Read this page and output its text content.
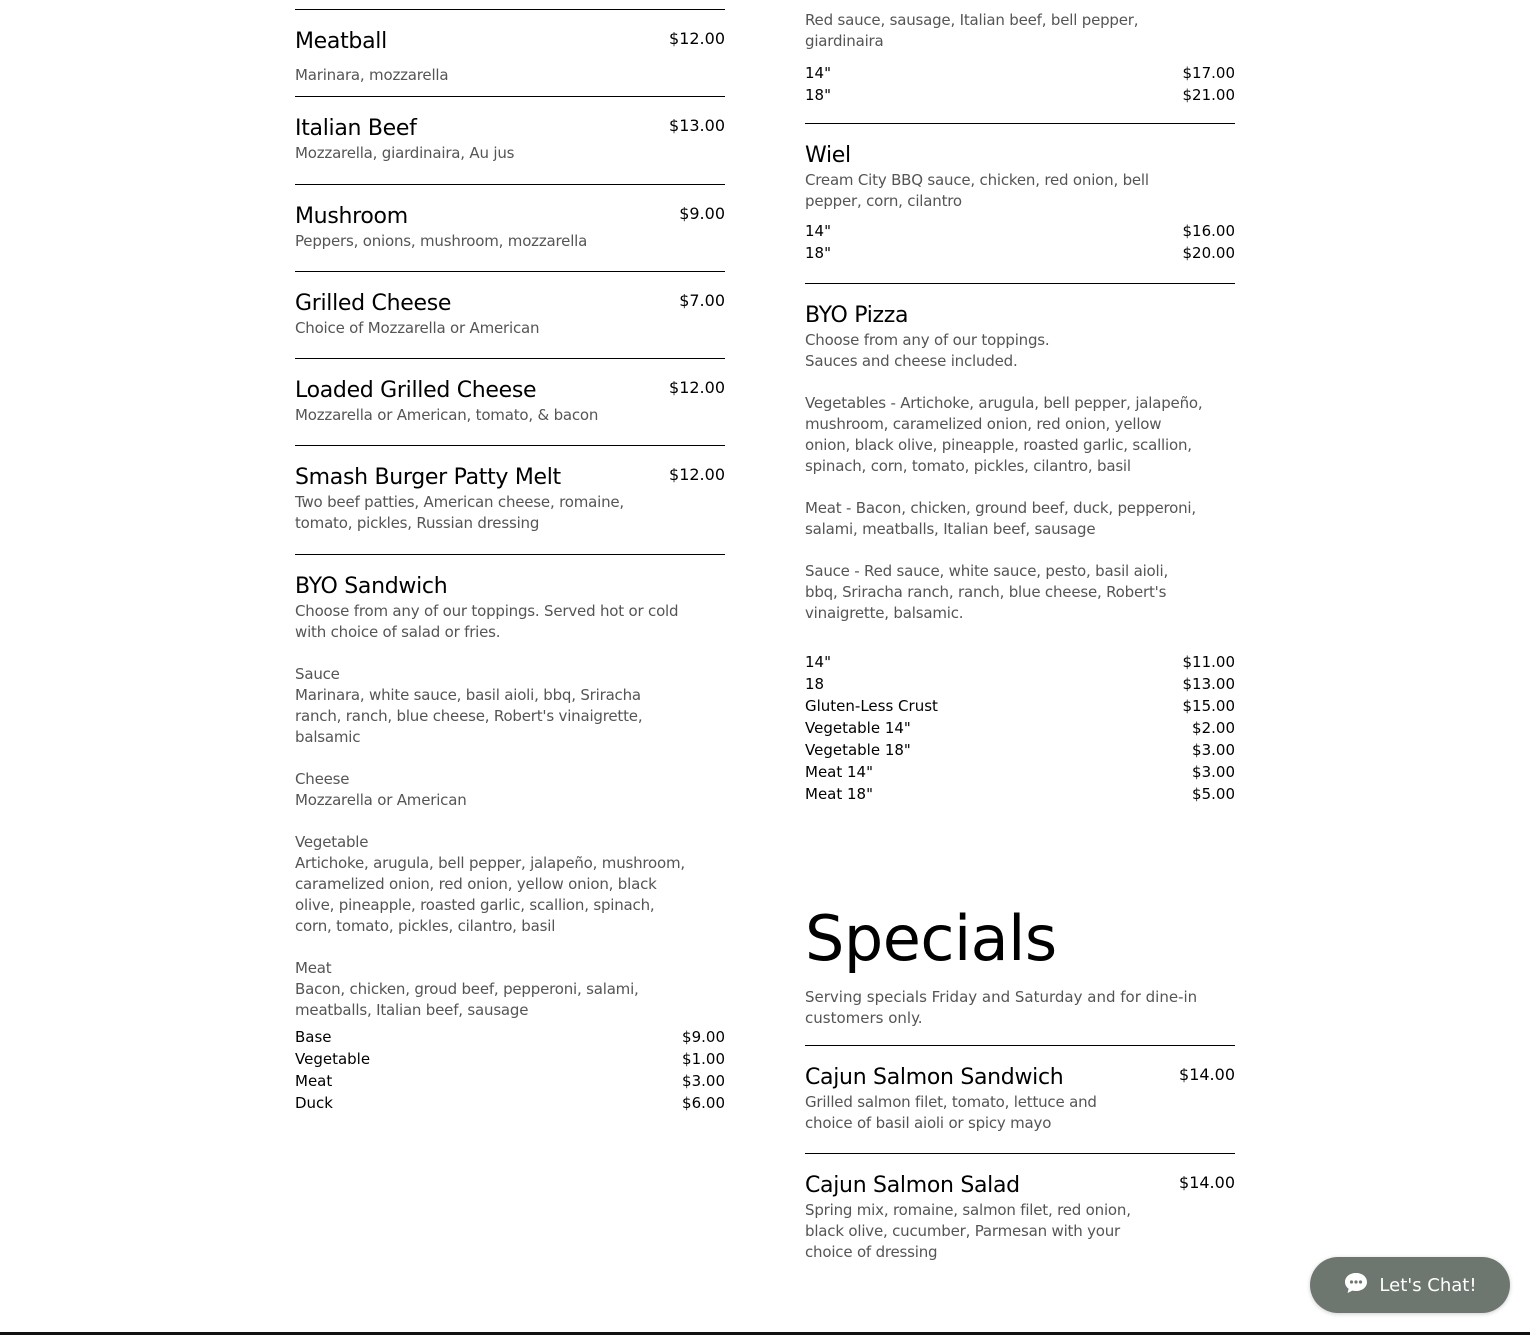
Meatball	$12.00
Marinara, mozzarella
Italian Beef	$13.00
Mozzarella, giardinaira, Au jus
Mushroom	$9.00
Peppers, onions, mushroom, mozzarella
Grilled Cheese	$7.00
Choice of Mozzarella or American
Loaded Grilled Cheese	$12.00
Mozzarella or American, tomato, & bacon
Smash Burger Patty Melt	$12.00
Two beef patties, American cheese, romaine,
tomato, pickles, Russian dressing
BYO Sandwich
Choose from any of our toppings. Served hot or cold
with choice of salad or fries.
Sauce
Marinara, white sauce, basil aioli, bbq, Sriracha
ranch, ranch, blue cheese, Robert's vinaigrette,
balsamic
Cheese
Mozzarella or American
Vegetable
Artichoke, arugula, bell pepper, jalapeño, mushroom,
caramelized onion, red onion, yellow onion, black
olive, pineapple, roasted garlic, scallion, spinach,
corn, tomato, pickles, cilantro, basil
Meat
Bacon, chicken, groud beef, pepperoni, salami,
meatballs, Italian beef, sausage
Base	$9.00
Vegetable	$1.00
Meat	$3.00
Duck	$6.00
Specials
Serving specials Friday and Saturday and for dine-in customers only.
Red sauce, sausage, Italian beef, bell pepper,
giardinaira
14"	$17.00
18"	$21.00
Wiel
Cream City BBQ sauce, chicken, red onion, bell
pepper, corn, cilantro
14"	$16.00
18"	$20.00
BYO Pizza
Choose from any of our toppings.
Sauces and cheese included.
Vegetables - Artichoke, arugula, bell pepper, jalapeño,
mushroom, caramelized onion, red onion, yellow
onion, black olive, pineapple, roasted garlic, scallion,
spinach, corn, tomato, pickles, cilantro, basil
Meat - Bacon, chicken, ground beef, duck, pepperoni,
salami, meatballs, Italian beef, sausage
Sauce - Red sauce, white sauce, pesto, basil aioli,
bbq, Sriracha ranch, ranch, blue cheese, Robert's
vinaigrette, balsamic.
14"	$11.00
18	$13.00
Gluten-Less Crust	$15.00
Vegetable 14"	$2.00
Vegetable 18"	$3.00
Meat 14"	$3.00
Meat 18"	$5.00
Cajun Salmon Sandwich	$14.00
Grilled salmon filet, tomato, lettuce and
choice of basil aioli or spicy mayo
Cajun Salmon Salad	$14.00
Spring mix, romaine, salmon filet, red onion,
black olive, cucumber, Parmesan with your
choice of dressing
Let's Chat!
